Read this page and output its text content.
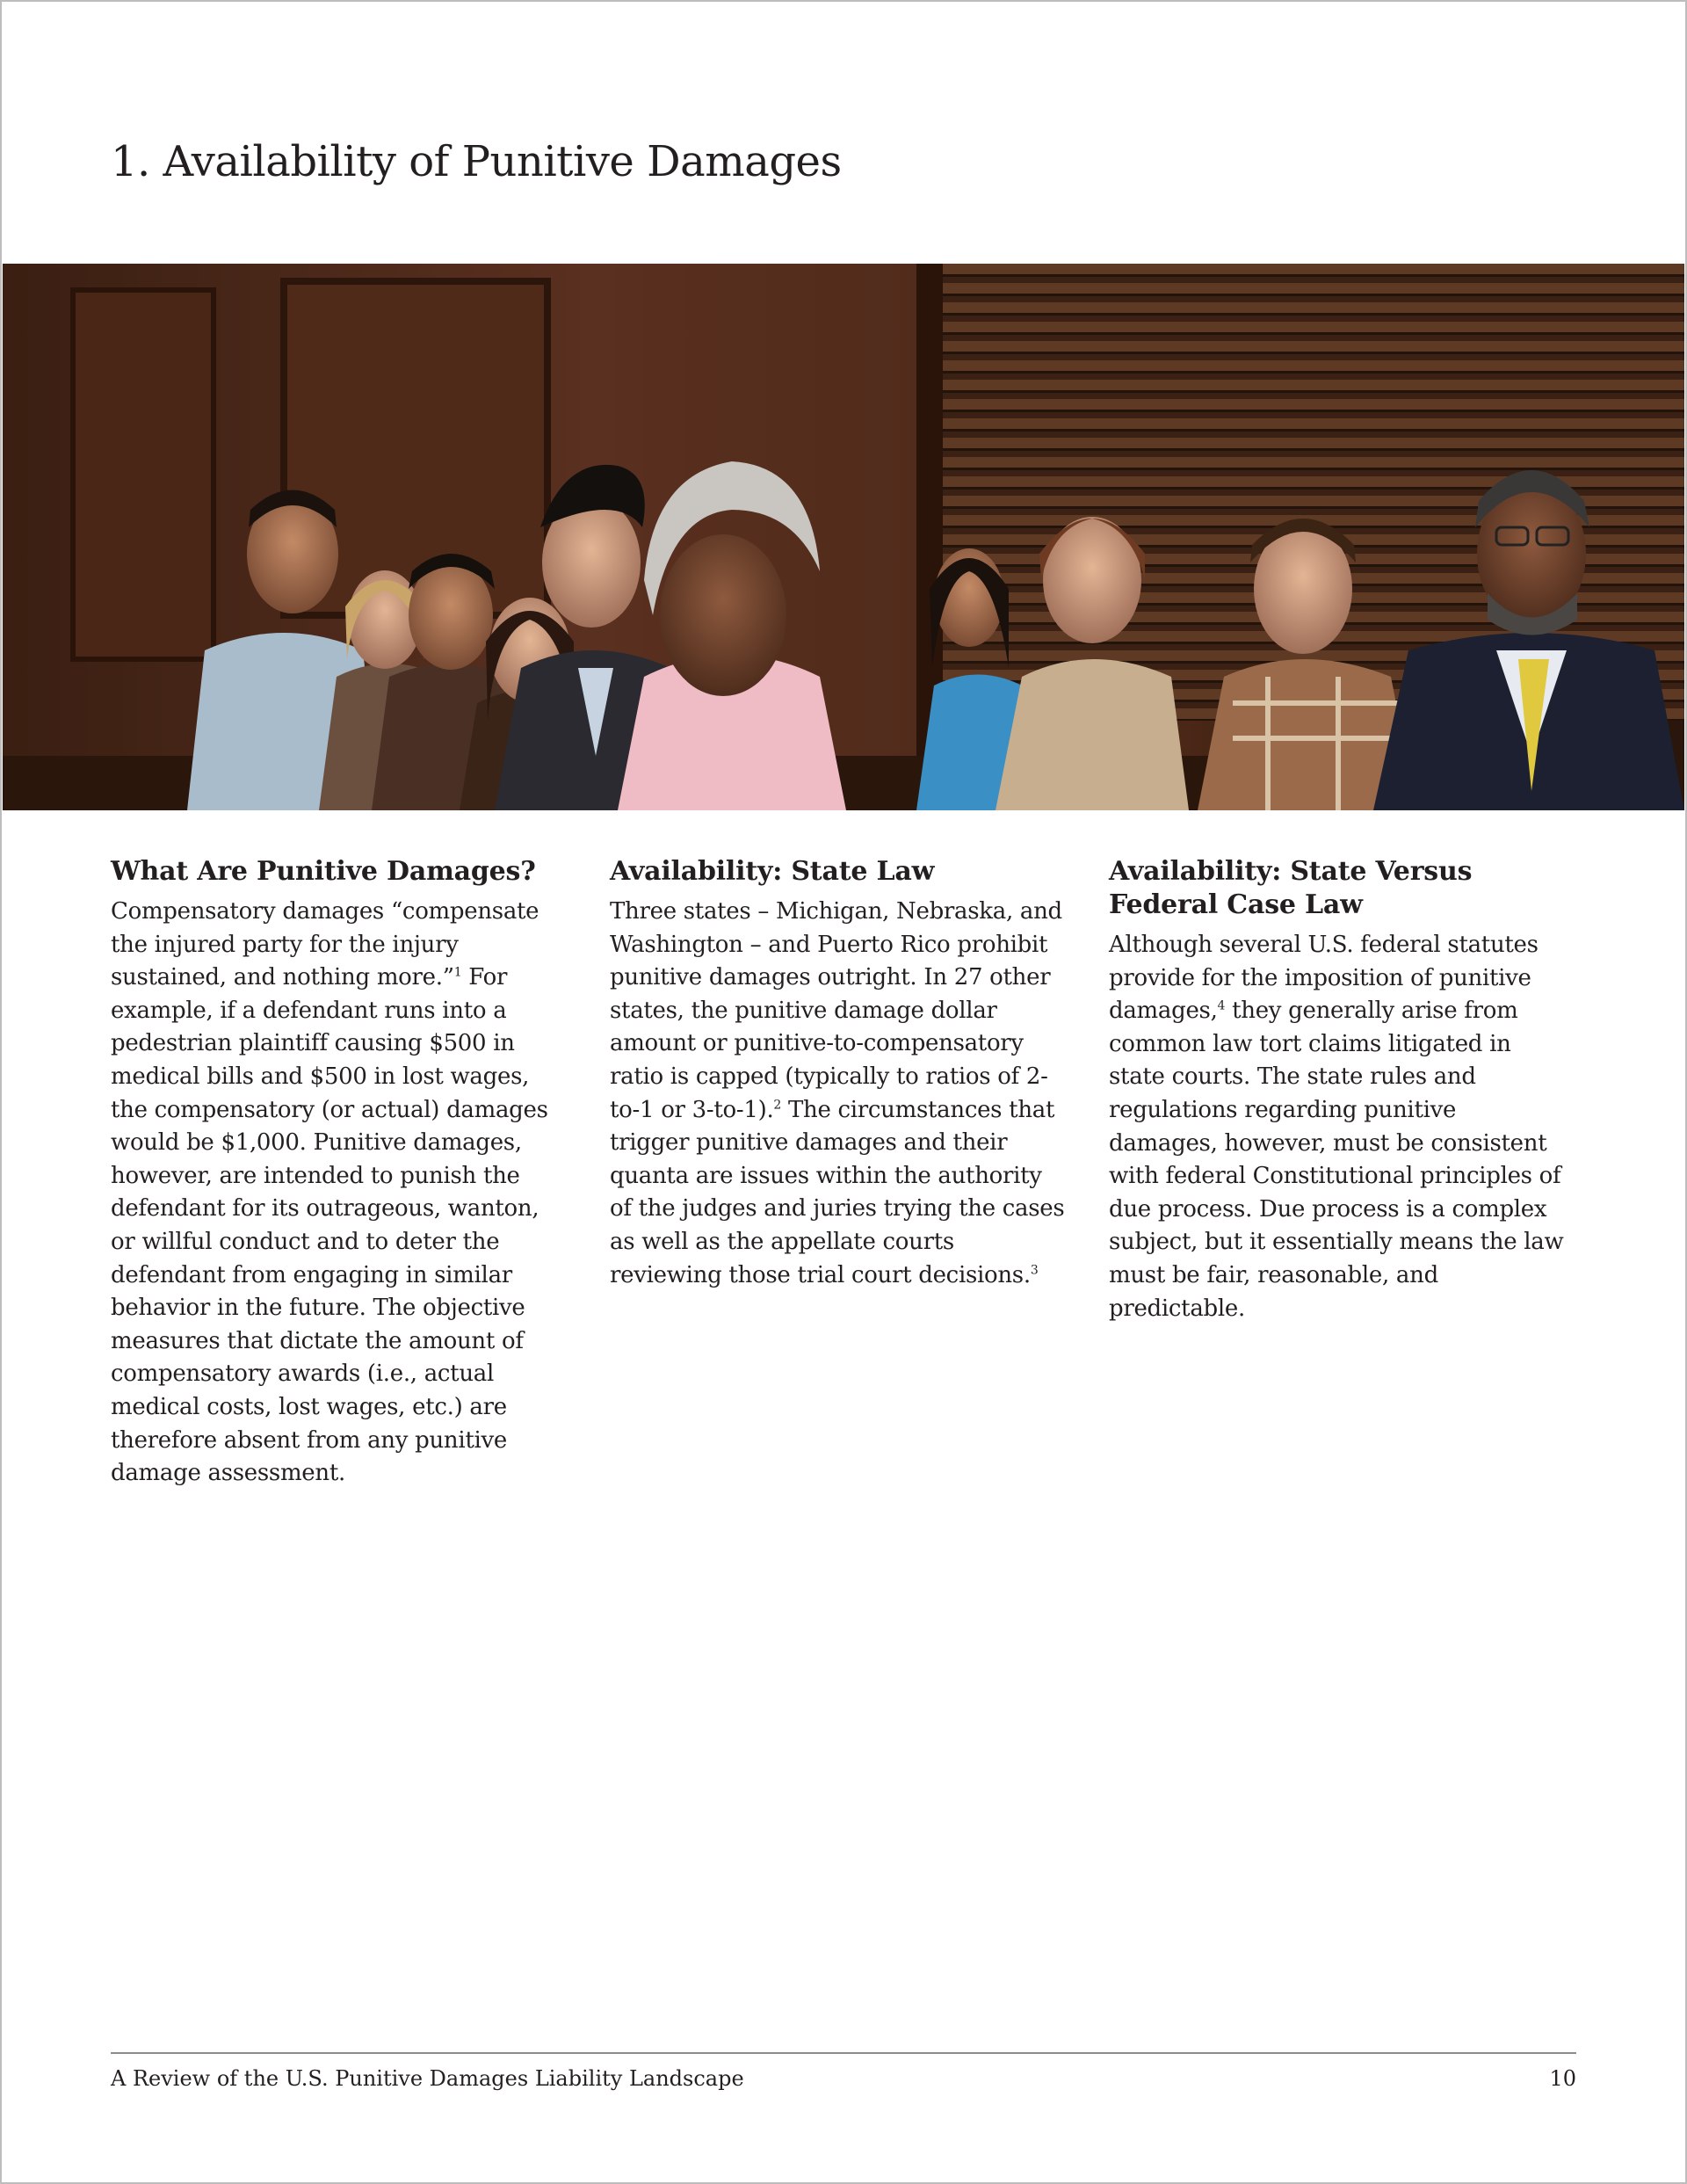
1. Availability of Punitive Damages
What Are Punitive Damages?

Compensatory damages “compensate the injured party for the injury sustained, and nothing more.”$^1$ For example, if a defendant runs into a pedestrian plaintiff causing $500 in medical bills and $500 in lost wages, the compensatory (or actual) damages would be $1,000. Punitive damages, however, are intended to punish the defendant for its outrageous, wanton, or willful conduct and to deter the defendant from engaging in similar behavior in the future. The objective measures that dictate the amount of compensatory awards (i.e., actual medical costs, lost wages, etc.) are therefore absent from any punitive damage assessment.

Availability: State Law

Three states – Michigan, Nebraska, and Washington – and Puerto Rico prohibit punitive damages outright. In 27 other states, the punitive damage dollar amount or punitive-to-compensatory ratio is capped (typically to ratios of 2-to-1 or 3-to-1).$^2$ The circumstances that trigger punitive damages and their quanta are issues within the authority of the judges and juries trying the cases as well as the appellate courts reviewing those trial court decisions.$^3$

Availability: State Versus Federal Case Law

Although several U.S. federal statutes provide for the imposition of punitive damages,$^4$ they generally arise from common law tort claims litigated in state courts. The state rules and regulations regarding punitive damages, however, must be consistent with federal Constitutional principles of due process. Due process is a complex subject, but it essentially means the law must be fair, reasonable, and predictable.

A Review of the U.S. Punitive Damages Liability Landscape	10
